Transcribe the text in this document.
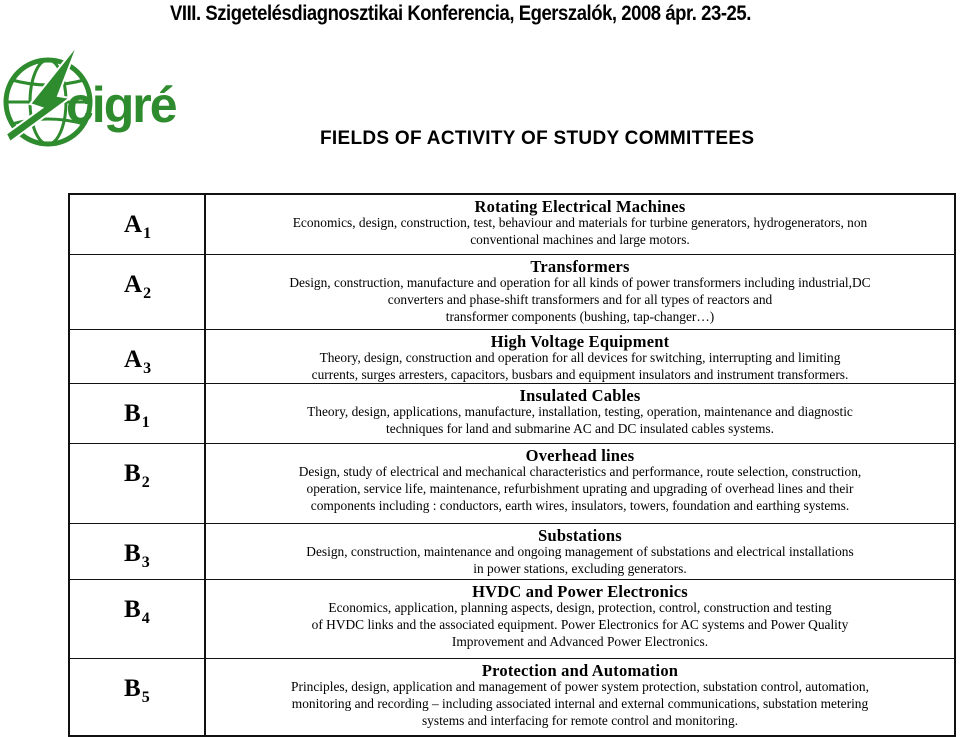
VIII. Szigetelésdiagnosztikai Konferencia, Egerszalók, 2008 ápr. 23-25.
cigré
FIELDS OF ACTIVITY OF STUDY COMMITTEES
$A_1$
Rotating Electrical Machines
Economics, design, construction, test, behaviour and materials for turbine generators, hydrogenerators, non
conventional machines and large motors.
$A_2$
Transformers
Design, construction, manufacture and operation for all kinds of power transformers including industrial,DC
converters and phase-shift transformers and for all types of reactors and
transformer components (bushing, tap-changer…)
$A_3$
High Voltage Equipment
Theory, design, construction and operation for all devices for switching, interrupting and limiting
currents, surges arresters, capacitors, busbars and equipment insulators and instrument transformers.
$B_1$
Insulated Cables
Theory, design, applications, manufacture, installation, testing, operation, maintenance and diagnostic
techniques for land and submarine AC and DC insulated cables systems.
$B_2$
Overhead lines
Design, study of electrical and mechanical characteristics and performance, route selection, construction,
operation, service life, maintenance, refurbishment uprating and upgrading of overhead lines and their
components including : conductors, earth wires, insulators, towers, foundation and earthing systems.
$B_3$
Substations
Design, construction, maintenance and ongoing management of substations and electrical installations
in power stations, excluding generators.
$B_4$
HVDC and Power Electronics
Economics, application, planning aspects, design, protection, control, construction and testing
of HVDC links and the associated equipment. Power Electronics for AC systems and Power Quality
Improvement and Advanced Power Electronics.
$B_5$
Protection and Automation
Principles, design, application and management of power system protection, substation control, automation,
monitoring and recording – including associated internal and external communications, substation metering
systems and interfacing for remote control and monitoring.
